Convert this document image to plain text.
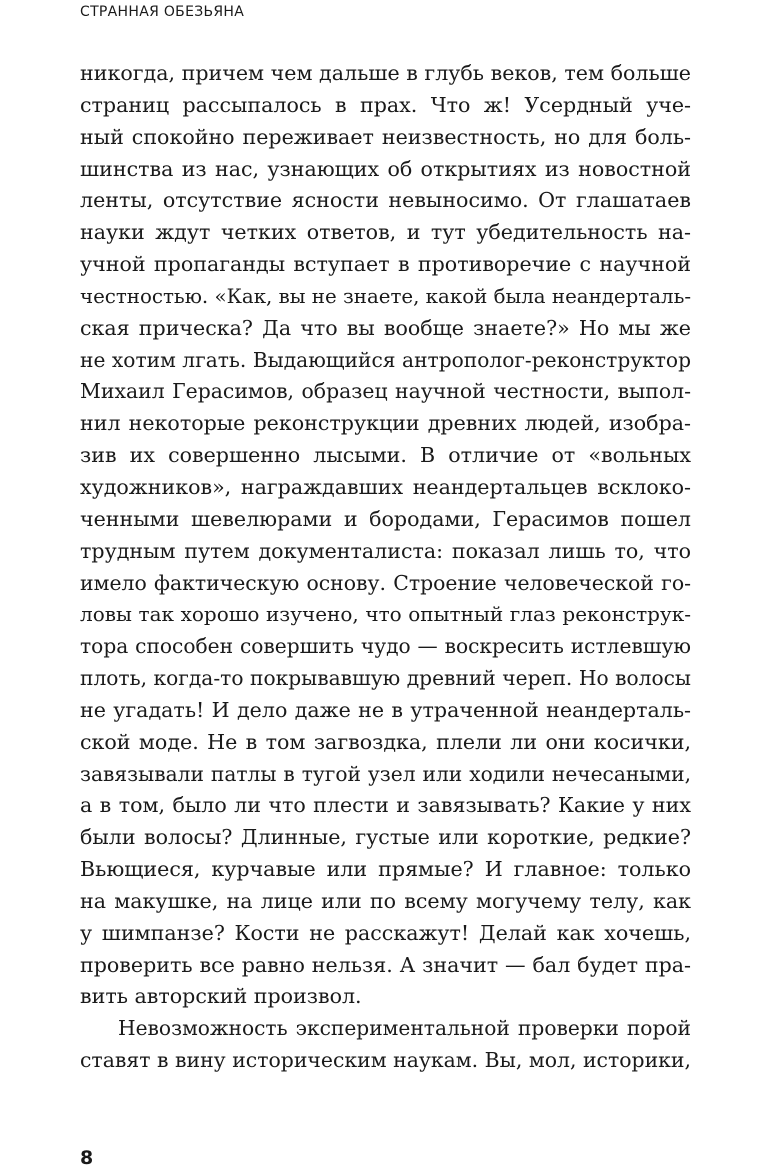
СТРАННАЯ ОБЕЗЬЯНА
никогда, причем чем дальше в глубь веков, тем больше
страниц рассыпалось в прах. Что ж! Усердный уче-
ный спокойно переживает неизвестность, но для боль-
шинства из нас, узнающих об открытиях из новостной
ленты, отсутствие ясности невыносимо. От глашатаев
науки ждут четких ответов, и тут убедительность на-
учной пропаганды вступает в противоречие с научной
честностью. «Как, вы не знаете, какой была неандерталь-
ская прическа? Да что вы вообще знаете?» Но мы же
не хотим лгать. Выдающийся антрополог-реконструктор
Михаил Герасимов, образец научной честности, выпол-
нил некоторые реконструкции древних людей, изобра-
зив их совершенно лысыми. В отличие от «вольных
художников», награждавших неандертальцев всклоко-
ченными шевелюрами и бородами, Герасимов пошел
трудным путем документалиста: показал лишь то, что
имело фактическую основу. Строение человеческой го-
ловы так хорошо изучено, что опытный глаз реконструк-
тора способен совершить чудо — воскресить истлевшую
плоть, когда-то покрывавшую древний череп. Но волосы
не угадать! И дело даже не в утраченной неандерталь-
ской моде. Не в том загвоздка, плели ли они косички,
завязывали патлы в тугой узел или ходили нечесаными,
а в том, было ли что плести и завязывать? Какие у них
были волосы? Длинные, густые или короткие, редкие?
Вьющиеся, курчавые или прямые? И главное: только
на макушке, на лице или по всему могучему телу, как
у шимпанзе? Кости не расскажут! Делай как хочешь,
проверить все равно нельзя. А значит — бал будет пра-
вить авторский произвол.
Невозможность экспериментальной проверки порой
ставят в вину историческим наукам. Вы, мол, историки,
8
